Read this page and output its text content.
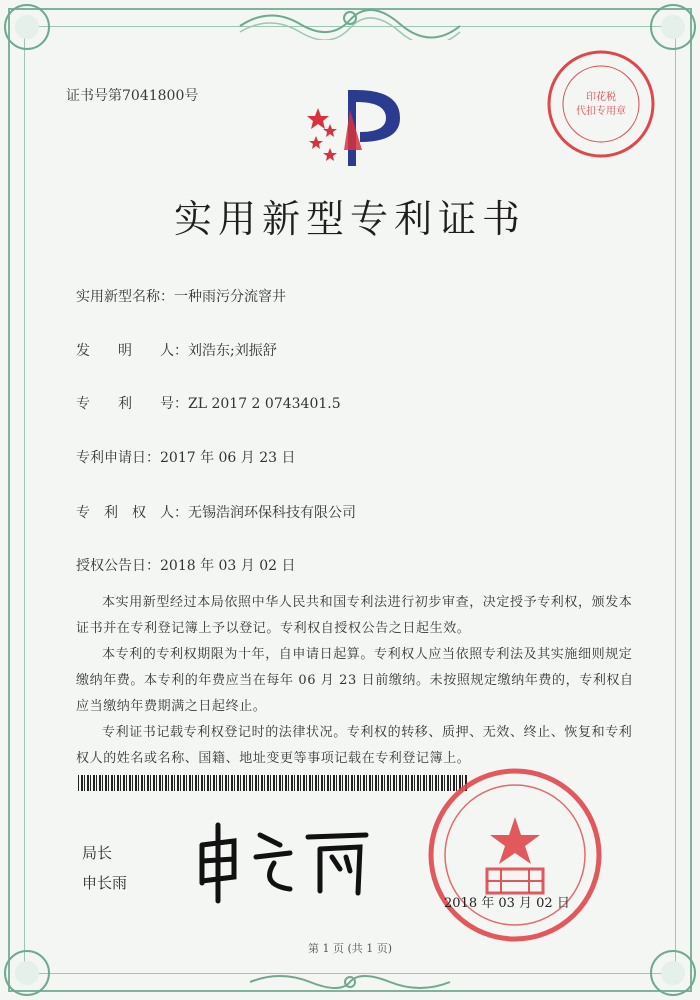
证书号第7041800号	印花税
代扣专用章
实用新型专利证书
实用新型名称：一种雨污分流窨井
发　　明　　人：刘浩东;刘振舒
专　　利　　号：ZL 2017 2 0743401.5
专利申请日：2017 年 06 月 23 日
专　利　权　人：无锡浩润环保科技有限公司
授权公告日：2018 年 03 月 02 日

本实用新型经过本局依照中华人民共和国专利法进行初步审查，决定授予专利权，颁发本证书并在专利登记簿上予以登记。专利权自授权公告之日起生效。

本专利的专利权期限为十年，自申请日起算。专利权人应当依照专利法及其实施细则规定缴纳年费。本专利的年费应当在每年 06 月 23 日前缴纳。未按照规定缴纳年费的，专利权自应当缴纳年费期满之日起终止。

专利证书记载专利权登记时的法律状况。专利权的转移、质押、无效、终止、恢复和专利权人的姓名或名称、国籍、地址变更等事项记载在专利登记簿上。

局长
申长雨
2018 年 03 月 02 日
第 1 页 (共 1 页)
